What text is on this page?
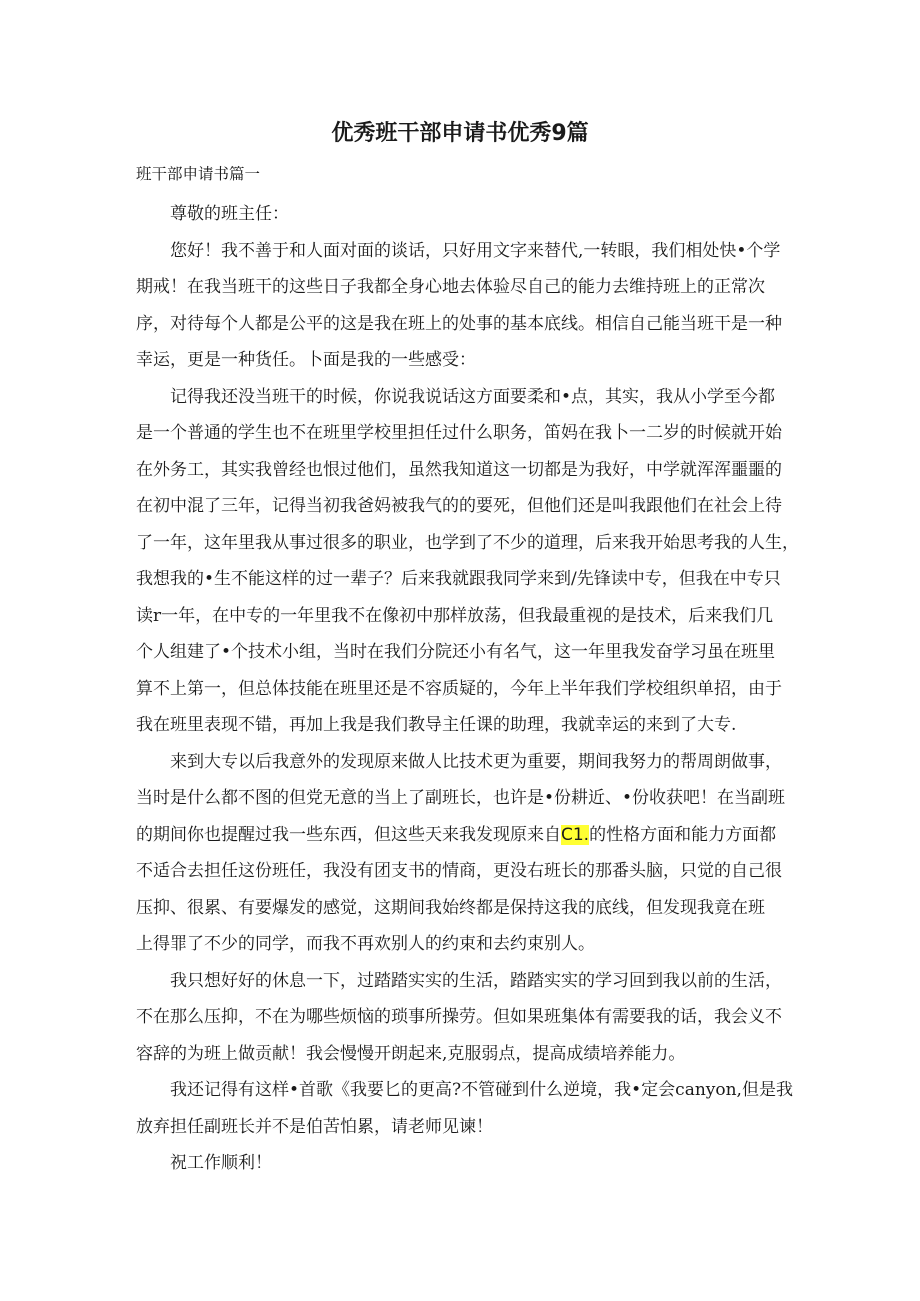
优秀班干部申请书优秀9篇
班干部申请书篇一

尊敬的班主任：

您好！我不善于和人面对面的谈话，只好用文字来替代,一转眼，我们相处快•个学
期戒！在我当班干的这些日子我都全身心地去体验尽自己的能力去维持班上的正常次
序，对待每个人都是公平的这是我在班上的处事的基本底线。相信自己能当班干是一种
幸运，更是一种货任。卜面是我的一些感受：

记得我还没当班干的时候，你说我说话这方面要柔和•点，其实，我从小学至今都
是一个普通的学生也不在班里学校里担任过什么职务，笛妈在我卜一二岁的时候就开始
在外务工，其实我曾经也恨过他们，虽然我知道这一切都是为我好，中学就浑浑噩噩的
在初中混了三年，记得当初我爸妈被我气的的要死，但他们还是叫我跟他们在社会上待
了一年，这年里我从事过很多的职业，也学到了不少的道理，后来我开始思考我的人生，
我想我的•生不能这样的过一辈子？后来我就跟我同学来到/先锋读中专，但我在中专只
读r一年，在中专的一年里我不在像初中那样放荡，但我最重视的是技术，后来我们几
个人组建了•个技术小组，当时在我们分院还小有名气，这一年里我发奋学习虽在班里
算不上第一，但总体技能在班里还是不容质疑的，今年上半年我们学校组织单招，由于
我在班里表现不错，再加上我是我们教导主任课的助理，我就幸运的来到了大专.

来到大专以后我意外的发现原来做人比技术更为重要，期间我努力的帮周朗做事，
当时是什么都不图的但党无意的当上了副班长，也许是•份耕近、•份收获吧！在当副班
的期间你也提醒过我一些东西，但这些天来我发现原来自C1.的性格方面和能力方面都
不适合去担任这份班任，我没有团支书的情商，更没右班长的那番头脑，只觉的自己很
压抑、很累、有要爆发的感觉，这期间我始终都是保持这我的底线，但发现我竟在班
上得罪了不少的同学，而我不再欢别人的约束和去约束别人。

我只想好好的休息一下，过踏踏实实的生活，踏踏实实的学习回到我以前的生活，
不在那么压抑，不在为哪些烦恼的琐事所操劳。但如果班集体有需要我的话，我会义不
容辞的为班上做贡献！我会慢慢开朗起来,克服弱点，提高成绩培养能力。

我还记得有这样•首歌《我要匕的更高?不管碰到什么逆境，我•定会canyon,但是我
放弃担任副班长并不是伯苦怕累，请老师见谏！

祝工作顺利！
